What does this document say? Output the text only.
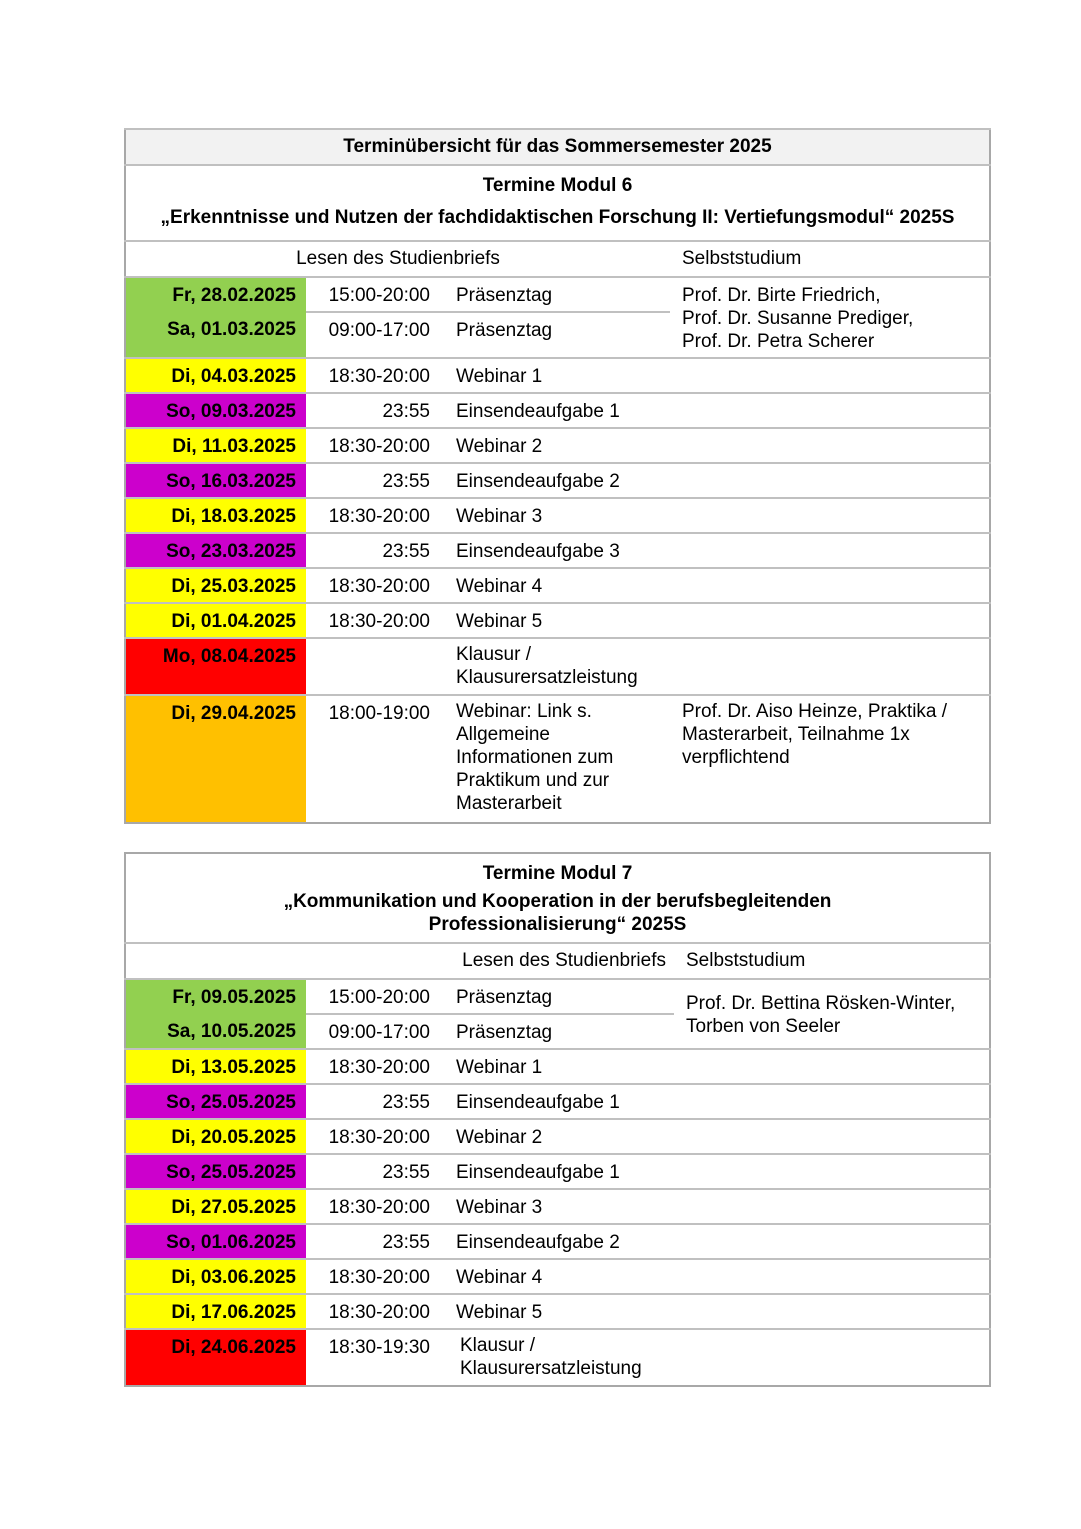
Terminübersicht für das Sommersemester 2025			

Termine Modul 6
„Erkenntnisse und Nutzen der fachdidaktischen Forschung II: Vertiefungsmodul“ 2025S			

Lesen des Studienbriefs			Selbststudium
Fr, 28.02.2025	15:00-20:00	Präsenztag	Prof. Dr. Birte Friedrich,
Prof. Dr. Susanne Prediger,
Prof. Dr. Petra Scherer

Sa, 01.03.2025	09:00-17:00	Präsenztag	
Di, 04.03.2025	18:30-20:00	Webinar 1	
So, 09.03.2025	23:55	Einsendeaufgabe 1	
Di, 11.03.2025	18:30-20:00	Webinar 2	
So, 16.03.2025	23:55	Einsendeaufgabe 2	
Di, 18.03.2025	18:30-20:00	Webinar 3	
So, 23.03.2025	23:55	Einsendeaufgabe 3	
Di, 25.03.2025	18:30-20:00	Webinar 4	
Di, 01.04.2025	18:30-20:00	Webinar 5	
Mo, 08.04.2025		Klausur / Klausurersatzleistung	
Di, 29.04.2025	18:00-19:00	Webinar: Link s. Allgemeine Informationen zum Praktikum und zur Masterarbeit	Prof. Dr. Aiso Heinze, Praktika / Masterarbeit, Teilnahme 1x verpflichtend
Termine Modul 7
„Kommunikation und Kooperation in der berufsbegleitenden
Professionalisierung“ 2025S			

Lesen des Studienbriefs			Selbststudium
Fr, 09.05.2025	15:00-20:00	Präsenztag	Prof. Dr. Bettina Rösken-Winter,
Torben von Seeler

Sa, 10.05.2025	09:00-17:00	Präsenztag	
Di, 13.05.2025	18:30-20:00	Webinar 1	
So, 25.05.2025	23:55	Einsendeaufgabe 1	
Di, 20.05.2025	18:30-20:00	Webinar 2	
So, 25.05.2025	23:55	Einsendeaufgabe 1	
Di, 27.05.2025	18:30-20:00	Webinar 3	
So, 01.06.2025	23:55	Einsendeaufgabe 2	
Di, 03.06.2025	18:30-20:00	Webinar 4	
Di, 17.06.2025	18:30-20:00	Webinar 5	
Di, 24.06.2025	18:30-19:30	Klausur / Klausurersatzleistung	
